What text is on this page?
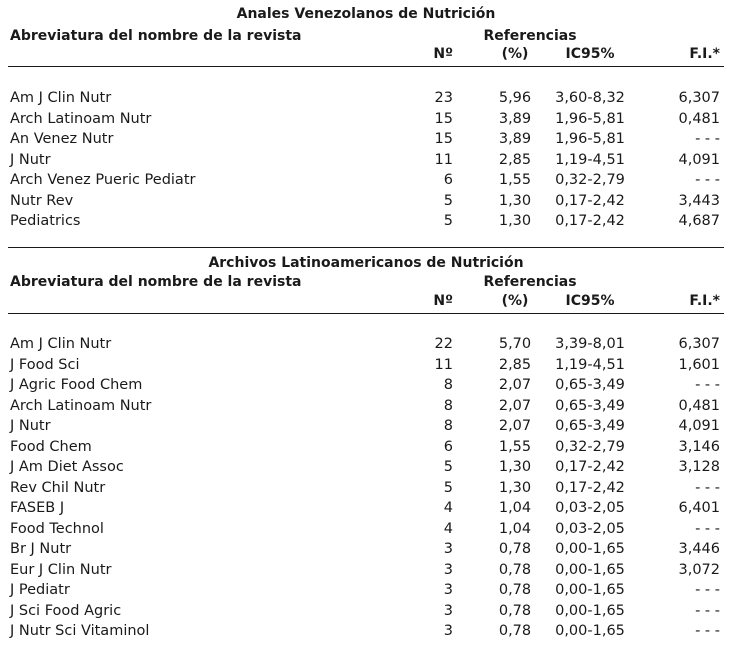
Anales Venezolanos de Nutrición
Abreviatura del nombre de la revista	Referencias
Nº	(%)	IC95%	F.I.*
Am J Clin Nutr	23	5,96	3,60-8,32	6,307
Arch Latinoam Nutr	15	3,89	1,96-5,81	0,481
An Venez Nutr	15	3,89	1,96-5,81	- - -
J Nutr	11	2,85	1,19-4,51	4,091
Arch Venez Pueric Pediatr	6	1,55	0,32-2,79	- - -
Nutr Rev	5	1,30	0,17-2,42	3,443
Pediatrics	5	1,30	0,17-2,42	4,687
Archivos Latinoamericanos de Nutrición
Abreviatura del nombre de la revista	Referencias
Nº	(%)	IC95%	F.I.*
Am J Clin Nutr	22	5,70	3,39-8,01	6,307
J Food Sci	11	2,85	1,19-4,51	1,601
J Agric Food Chem	8	2,07	0,65-3,49	- - -
Arch Latinoam Nutr	8	2,07	0,65-3,49	0,481
J Nutr	8	2,07	0,65-3,49	4,091
Food Chem	6	1,55	0,32-2,79	3,146
J Am Diet Assoc	5	1,30	0,17-2,42	3,128
Rev Chil Nutr	5	1,30	0,17-2,42	- - -
FASEB J	4	1,04	0,03-2,05	6,401
Food Technol	4	1,04	0,03-2,05	- - -
Br J Nutr	3	0,78	0,00-1,65	3,446
Eur J Clin Nutr	3	0,78	0,00-1,65	3,072
J Pediatr	3	0,78	0,00-1,65	- - -
J Sci Food Agric	3	0,78	0,00-1,65	- - -
J Nutr Sci Vitaminol	3	0,78	0,00-1,65	- - -
